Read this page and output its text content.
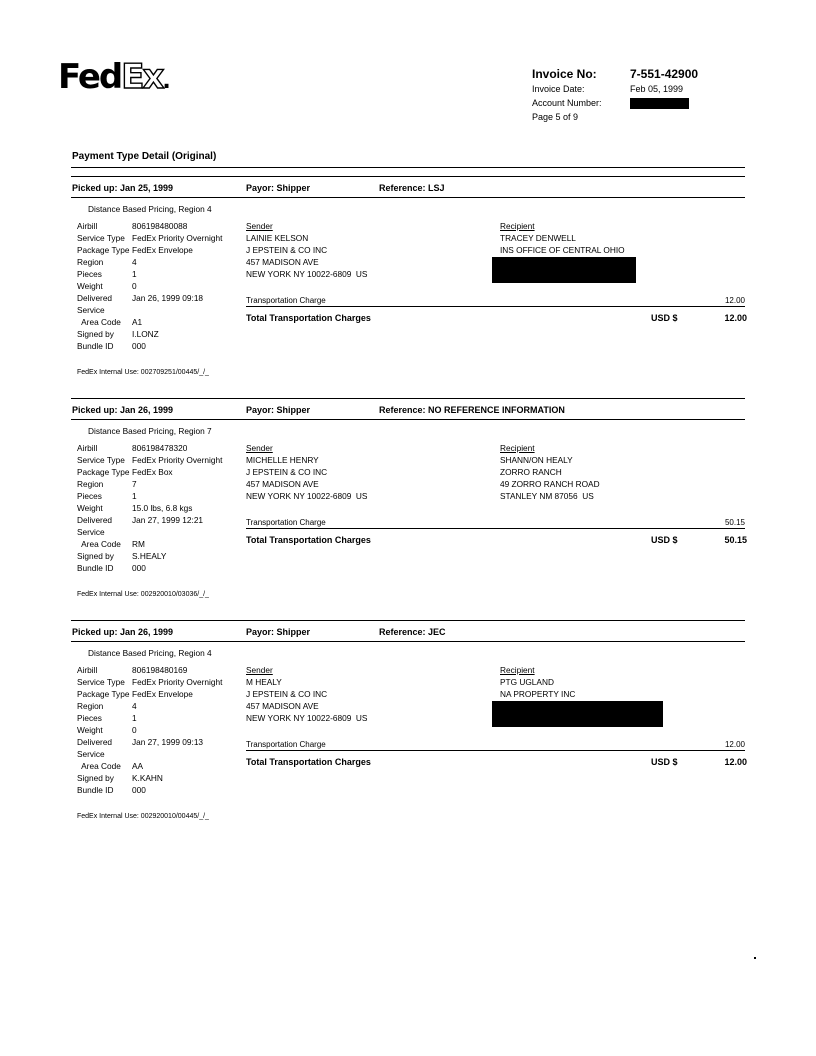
FedEx.	Invoice No:	7-551-42900
Invoice Date:	Feb 05, 1999
Account Number:
Page 5 of 9
Payment Type Detail (Original)
Picked up: Jan 25, 1999	Payor: Shipper	Reference: LSJ
Distance Based Pricing, Region 4
Airbill	806198480088
Service Type FedEx Priority Overnight
Package Type FedEx Envelope
Region	4
Pieces	1
Weight	0
Delivered Jan 26, 1999 09:18
Service
Area Code A1
Signed by I.LONZ
Bundle ID 000
Sender
LAINIE KELSON
J EPSTEIN & CO INC
457 MADISON AVE
NEW YORK NY 10022-6809  US
Recipient
TRACEY DENWELL
INS OFFICE OF CENTRAL OHIO
Transportation Charge	12.00
Total Transportation Charges	USD $	12.00
FedEx Internal Use: 002709251/00445/_/_
Picked up: Jan 26, 1999	Payor: Shipper	Reference: NO REFERENCE INFORMATION
Distance Based Pricing, Region 7
Airbill	806198478320
Service Type FedEx Priority Overnight
Package Type FedEx Box
Region	7
Pieces	1
Weight	15.0 lbs, 6.8 kgs
Delivered Jan 27, 1999 12:21
Service
Area Code RM
Signed by S.HEALY
Bundle ID 000
Sender
MICHELLE HENRY
J EPSTEIN & CO INC
457 MADISON AVE
NEW YORK NY 10022-6809  US
Recipient
SHANN/ON HEALY
ZORRO RANCH
49 ZORRO RANCH ROAD
STANLEY NM 87056  US
Transportation Charge	50.15
Total Transportation Charges	USD $	50.15
FedEx Internal Use: 002920010/03036/_/_
Picked up: Jan 26, 1999	Payor: Shipper	Reference: JEC
Distance Based Pricing, Region 4
Airbill	806198480169
Service Type FedEx Priority Overnight
Package Type FedEx Envelope
Region	4
Pieces	1
Weight	0
Delivered Jan 27, 1999 09:13
Service
Area Code AA
Signed by K.KAHN
Bundle ID 000
Sender
M HEALY
J EPSTEIN & CO INC
457 MADISON AVE
NEW YORK NY 10022-6809  US
Recipient
PTG UGLAND
NA PROPERTY INC
Transportation Charge	12.00
Total Transportation Charges	USD $	12.00
FedEx Internal Use: 002920010/00445/_/_
